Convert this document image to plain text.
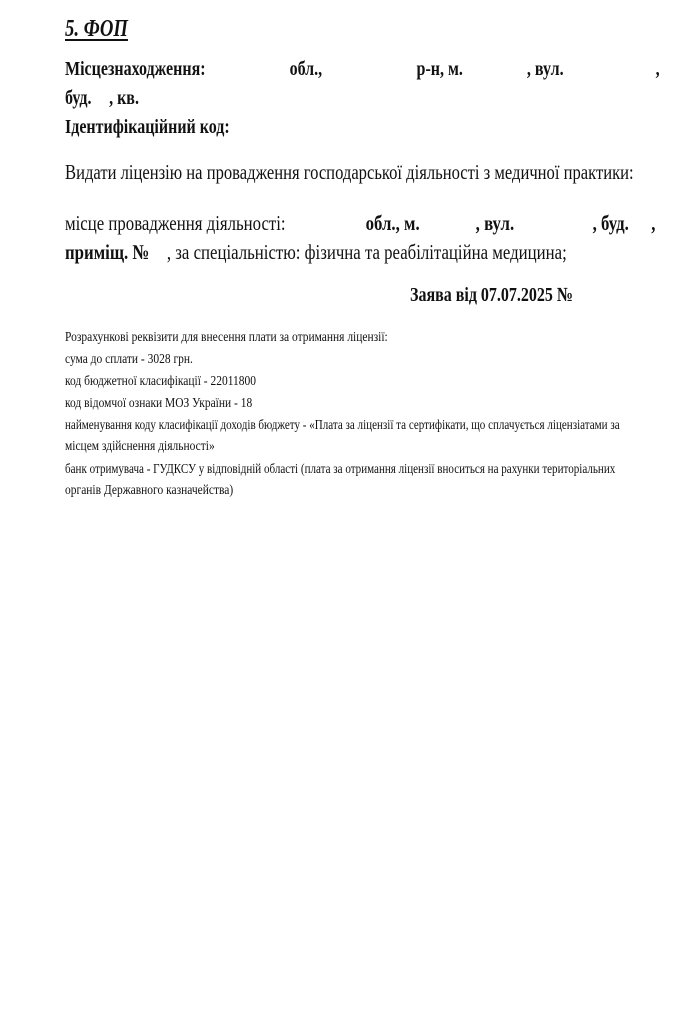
5. ФОП
Місцезнаходження:	обл.,	р-н, м.	, вул.	,
буд. , кв.
Ідентифікаційний код:
Видати ліцензію на провадження господарської діяльності з медичної практики:
місце провадження діяльності:	обл., м.	, вул.	, буд. ,
приміщ. № , за спеціальністю: фізична та реабілітаційна медицина;
Заява від 07.07.2025 №
Розрахункові реквізити для внесення плати за отримання ліцензії:
сума до сплати - 3028 грн.
код бюджетної класифікації - 22011800
код відомчої ознаки МОЗ України - 18
найменування коду класифікації доходів бюджету - «Плата за ліцензії та сертифікати, що сплачується ліцензіатами за
місцем здійснення діяльності»
банк отримувача - ГУДКСУ у відповідній області (плата за отримання ліцензії вноситься на рахунки територіальних
органів Державного казначейства)
